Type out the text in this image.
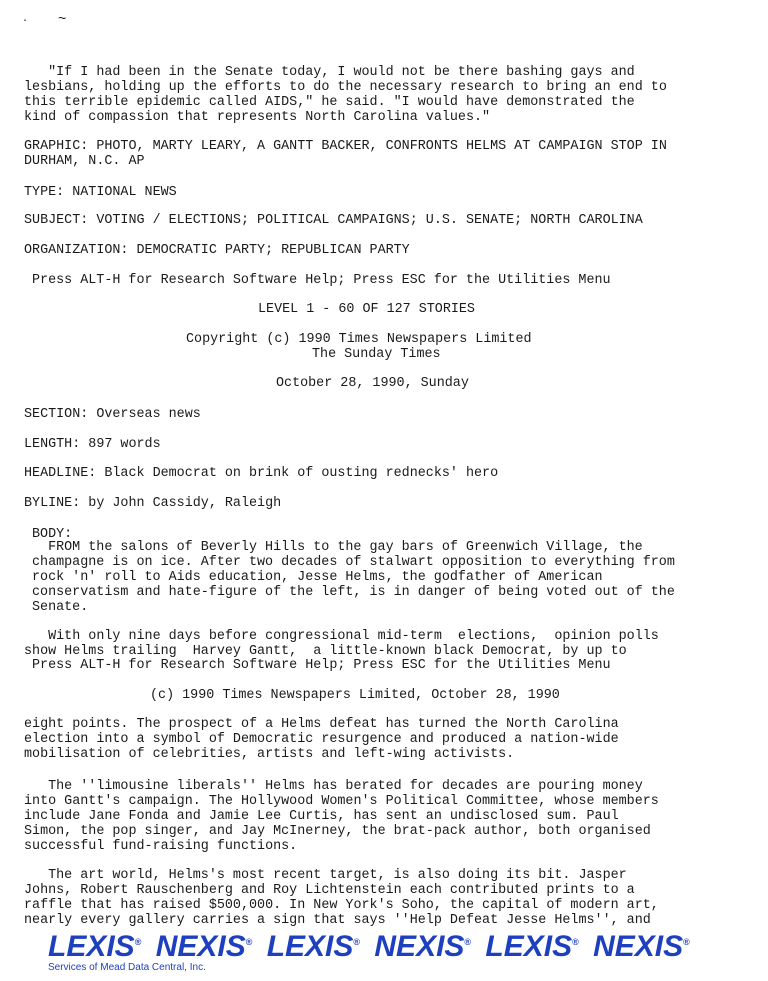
. ~
"If I had been in the Senate today, I would not be there bashing gays and
lesbians, holding up the efforts to do the necessary research to bring an end to
this terrible epidemic called AIDS," he said. "I would have demonstrated the
kind of compassion that represents North Carolina values."
GRAPHIC: PHOTO, MARTY LEARY, A GANTT BACKER, CONFRONTS HELMS AT CAMPAIGN STOP IN
DURHAM, N.C. AP
TYPE: NATIONAL NEWS
SUBJECT: VOTING / ELECTIONS; POLITICAL CAMPAIGNS; U.S. SENATE; NORTH CAROLINA
ORGANIZATION: DEMOCRATIC PARTY; REPUBLICAN PARTY
Press ALT-H for Research Software Help; Press ESC for the Utilities Menu
LEVEL 1 - 60 OF 127 STORIES
Copyright (c) 1990 Times Newspapers Limited
The Sunday Times
October 28, 1990, Sunday
SECTION: Overseas news
LENGTH: 897 words
HEADLINE: Black Democrat on brink of ousting rednecks' hero
BYLINE: by John Cassidy, Raleigh
BODY:
FROM the salons of Beverly Hills to the gay bars of Greenwich Village, the
champagne is on ice. After two decades of stalwart opposition to everything from
rock 'n' roll to Aids education, Jesse Helms, the godfather of American
conservatism and hate-figure of the left, is in danger of being voted out of the
Senate.
With only nine days before congressional mid-term  elections,  opinion polls
show Helms trailing  Harvey Gantt,  a little-known black Democrat, by up to
Press ALT-H for Research Software Help; Press ESC for the Utilities Menu
(c) 1990 Times Newspapers Limited, October 28, 1990
eight points. The prospect of a Helms defeat has turned the North Carolina
election into a symbol of Democratic resurgence and produced a nation-wide
mobilisation of celebrities, artists and left-wing activists.
The ''limousine liberals'' Helms has berated for decades are pouring money
into Gantt's campaign. The Hollywood Women's Political Committee, whose members
include Jane Fonda and Jamie Lee Curtis, has sent an undisclosed sum. Paul
Simon, the pop singer, and Jay McInerney, the brat-pack author, both organised
successful fund-raising functions.
The art world, Helms's most recent target, is also doing its bit. Jasper
Johns, Robert Rauschenberg and Roy Lichtenstein each contributed prints to a
raffle that has raised $500,000. In New York's Soho, the capital of modern art,
nearly every gallery carries a sign that says ''Help Defeat Jesse Helms'', and
LEXIS® NEXIS® LEXIS® NEXIS® LEXIS® NEXIS®
Services of Mead Data Central, Inc.
